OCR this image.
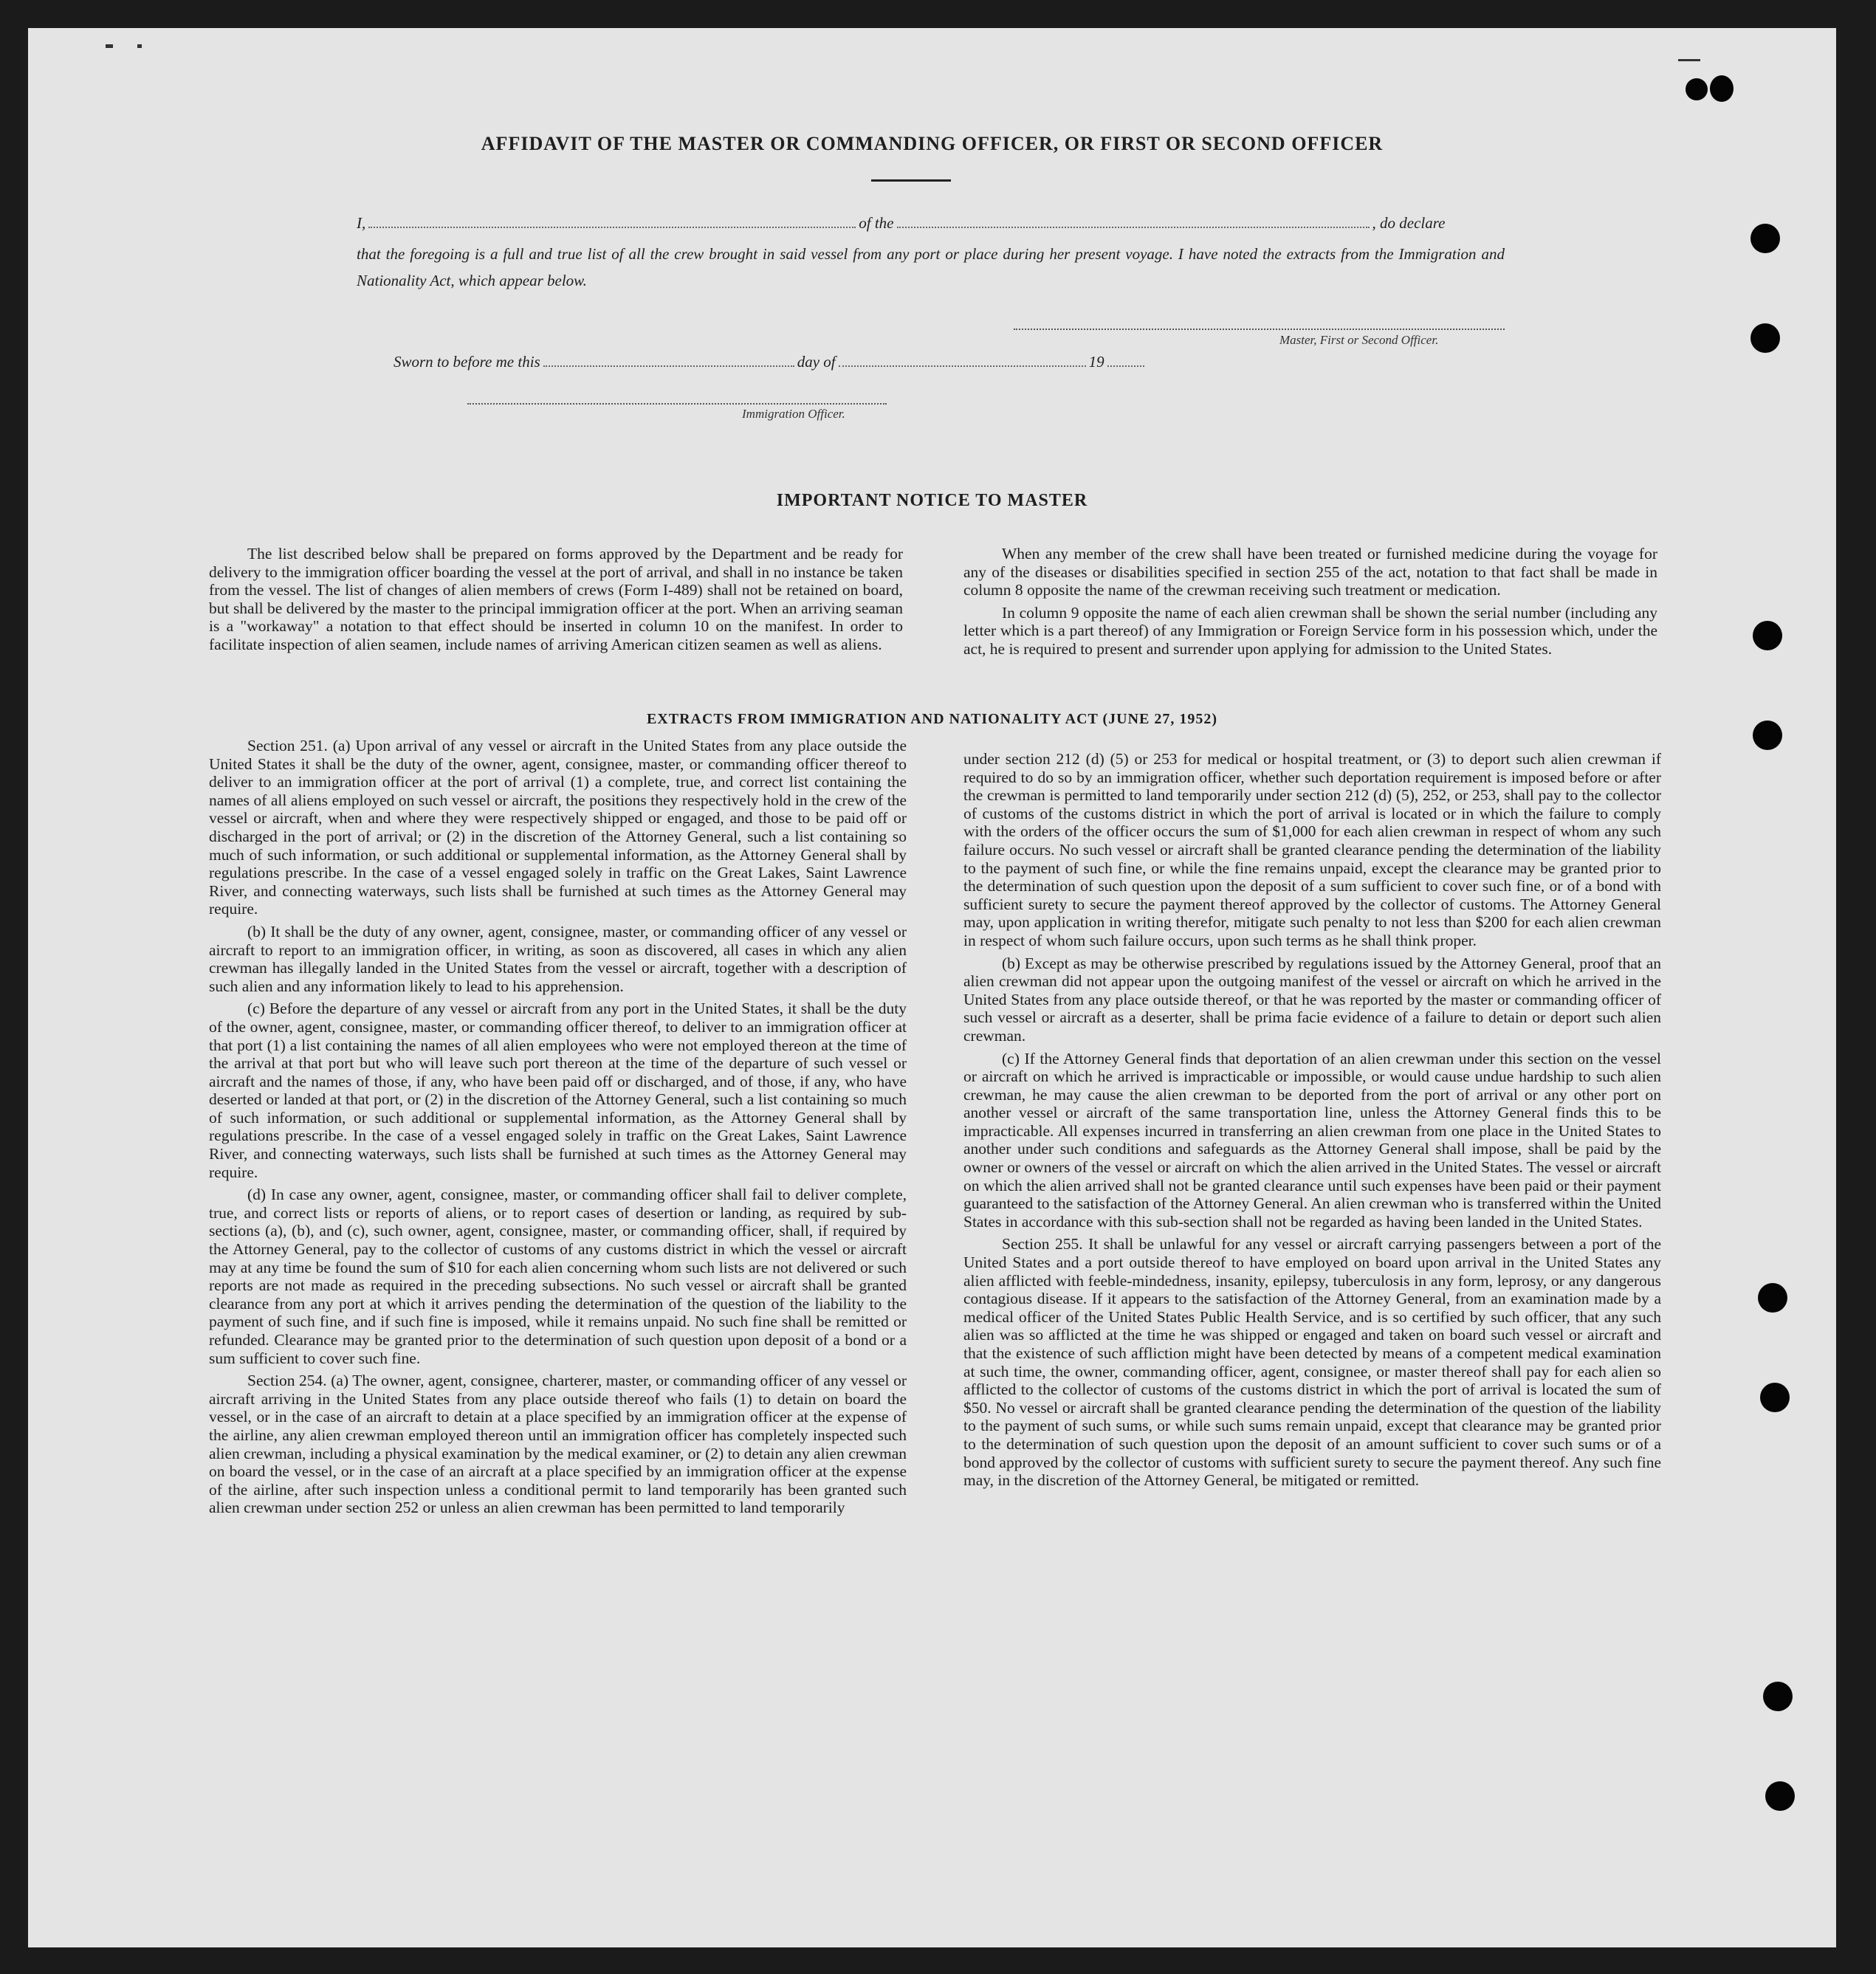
AFFIDAVIT OF THE MASTER OR COMMANDING OFFICER, OR FIRST OR SECOND OFFICER
I,	of the	, do declare
that the foregoing is a full and true list of all the crew brought in said vessel from any port or place during her present voyage. I have noted the extracts from the Immigration and Nationality Act, which appear below.
Master, First or Second Officer.
Sworn to before me this	day of	19
Immigration Officer.
IMPORTANT NOTICE TO MASTER

The list described below shall be prepared on forms approved by the Department and be ready for delivery to the immigration officer boarding the vessel at the port of arrival, and shall in no instance be taken from the vessel. The list of changes of alien members of crews (Form I-489) shall not be retained on board, but shall be delivered by the master to the principal immigration officer at the port. When an arriving seaman is a "workaway" a notation to that effect should be inserted in column 10 on the manifest. In order to facilitate inspection of alien seamen, include names of arriving American citizen seamen as well as aliens.

When any member of the crew shall have been treated or furnished medicine during the voyage for any of the diseases or disabilities specified in section 255 of the act, notation to that fact shall be made in column 8 opposite the name of the crewman receiving such treatment or medication.

In column 9 opposite the name of each alien crewman shall be shown the serial number (including any letter which is a part thereof) of any Immigration or Foreign Service form in his possession which, under the act, he is required to present and surrender upon applying for admission to the United States.

EXTRACTS FROM IMMIGRATION AND NATIONALITY ACT (JUNE 27, 1952)

Section 251. (a) Upon arrival of any vessel or aircraft in the United States from any place outside the United States it shall be the duty of the owner, agent, consignee, master, or commanding officer thereof to deliver to an immigration officer at the port of arrival (1) a complete, true, and correct list containing the names of all aliens employed on such vessel or aircraft, the positions they respectively hold in the crew of the vessel or aircraft, when and where they were respectively shipped or engaged, and those to be paid off or discharged in the port of arrival; or (2) in the discretion of the Attorney General, such a list containing so much of such information, or such additional or supplemental information, as the Attorney General shall by regulations prescribe. In the case of a vessel engaged solely in traffic on the Great Lakes, Saint Lawrence River, and connecting waterways, such lists shall be furnished at such times as the Attorney General may require.

(b) It shall be the duty of any owner, agent, consignee, master, or commanding officer of any vessel or aircraft to report to an immigration officer, in writing, as soon as discovered, all cases in which any alien crewman has illegally landed in the United States from the vessel or aircraft, together with a description of such alien and any information likely to lead to his apprehension.

(c) Before the departure of any vessel or aircraft from any port in the United States, it shall be the duty of the owner, agent, consignee, master, or commanding officer thereof, to deliver to an immigration officer at that port (1) a list containing the names of all alien employees who were not employed thereon at the time of the arrival at that port but who will leave such port thereon at the time of the departure of such vessel or aircraft and the names of those, if any, who have been paid off or discharged, and of those, if any, who have deserted or landed at that port, or (2) in the discretion of the Attorney General, such a list containing so much of such information, or such additional or supplemental information, as the Attorney General shall by regulations prescribe. In the case of a vessel engaged solely in traffic on the Great Lakes, Saint Lawrence River, and connecting waterways, such lists shall be furnished at such times as the Attorney General may require.

(d) In case any owner, agent, consignee, master, or commanding officer shall fail to deliver complete, true, and correct lists or reports of aliens, or to report cases of desertion or landing, as required by sub-sections (a), (b), and (c), such owner, agent, consignee, master, or commanding officer, shall, if required by the Attorney General, pay to the collector of customs of any customs district in which the vessel or aircraft may at any time be found the sum of $10 for each alien concerning whom such lists are not delivered or such reports are not made as required in the preceding subsections. No such vessel or aircraft shall be granted clearance from any port at which it arrives pending the determination of the question of the liability to the payment of such fine, and if such fine is imposed, while it remains unpaid. No such fine shall be remitted or refunded. Clearance may be granted prior to the determination of such question upon deposit of a bond or a sum sufficient to cover such fine.

Section 254. (a) The owner, agent, consignee, charterer, master, or commanding officer of any vessel or aircraft arriving in the United States from any place outside thereof who fails (1) to detain on board the vessel, or in the case of an aircraft to detain at a place specified by an immigration officer at the expense of the airline, any alien crewman employed thereon until an immigration officer has completely inspected such alien crewman, including a physical examination by the medical examiner, or (2) to detain any alien crewman on board the vessel, or in the case of an aircraft at a place specified by an immigration officer at the expense of the airline, after such inspection unless a conditional permit to land temporarily has been granted such alien crewman under section 252 or unless an alien crewman has been permitted to land temporarily

under section 212 (d) (5) or 253 for medical or hospital treatment, or (3) to deport such alien crewman if required to do so by an immigration officer, whether such deportation requirement is imposed before or after the crewman is permitted to land temporarily under section 212 (d) (5), 252, or 253, shall pay to the collector of customs of the customs district in which the port of arrival is located or in which the failure to comply with the orders of the officer occurs the sum of $1,000 for each alien crewman in respect of whom any such failure occurs. No such vessel or aircraft shall be granted clearance pending the determination of the liability to the payment of such fine, or while the fine remains unpaid, except the clearance may be granted prior to the determination of such question upon the deposit of a sum sufficient to cover such fine, or of a bond with sufficient surety to secure the payment thereof approved by the collector of customs. The Attorney General may, upon application in writing therefor, mitigate such penalty to not less than $200 for each alien crewman in respect of whom such failure occurs, upon such terms as he shall think proper.

(b) Except as may be otherwise prescribed by regulations issued by the Attorney General, proof that an alien crewman did not appear upon the outgoing manifest of the vessel or aircraft on which he arrived in the United States from any place outside thereof, or that he was reported by the master or commanding officer of such vessel or aircraft as a deserter, shall be prima facie evidence of a failure to detain or deport such alien crewman.

(c) If the Attorney General finds that deportation of an alien crewman under this section on the vessel or aircraft on which he arrived is impracticable or impossible, or would cause undue hardship to such alien crewman, he may cause the alien crewman to be deported from the port of arrival or any other port on another vessel or aircraft of the same transportation line, unless the Attorney General finds this to be impracticable. All expenses incurred in transferring an alien crewman from one place in the United States to another under such conditions and safeguards as the Attorney General shall impose, shall be paid by the owner or owners of the vessel or aircraft on which the alien arrived in the United States. The vessel or aircraft on which the alien arrived shall not be granted clearance until such expenses have been paid or their payment guaranteed to the satisfaction of the Attorney General. An alien crewman who is transferred within the United States in accordance with this sub-section shall not be regarded as having been landed in the United States.

Section 255. It shall be unlawful for any vessel or aircraft carrying passengers between a port of the United States and a port outside thereof to have employed on board upon arrival in the United States any alien afflicted with feeble-mindedness, insanity, epilepsy, tuberculosis in any form, leprosy, or any dangerous contagious disease. If it appears to the satisfaction of the Attorney General, from an examination made by a medical officer of the United States Public Health Service, and is so certified by such officer, that any such alien was so afflicted at the time he was shipped or engaged and taken on board such vessel or aircraft and that the existence of such affliction might have been detected by means of a competent medical examination at such time, the owner, commanding officer, agent, consignee, or master thereof shall pay for each alien so afflicted to the collector of customs of the customs district in which the port of arrival is located the sum of $50. No vessel or aircraft shall be granted clearance pending the determination of the question of the liability to the payment of such sums, or while such sums remain unpaid, except that clearance may be granted prior to the determination of such question upon the deposit of an amount sufficient to cover such sums or of a bond approved by the collector of customs with sufficient surety to secure the payment thereof. Any such fine may, in the discretion of the Attorney General, be mitigated or remitted.
